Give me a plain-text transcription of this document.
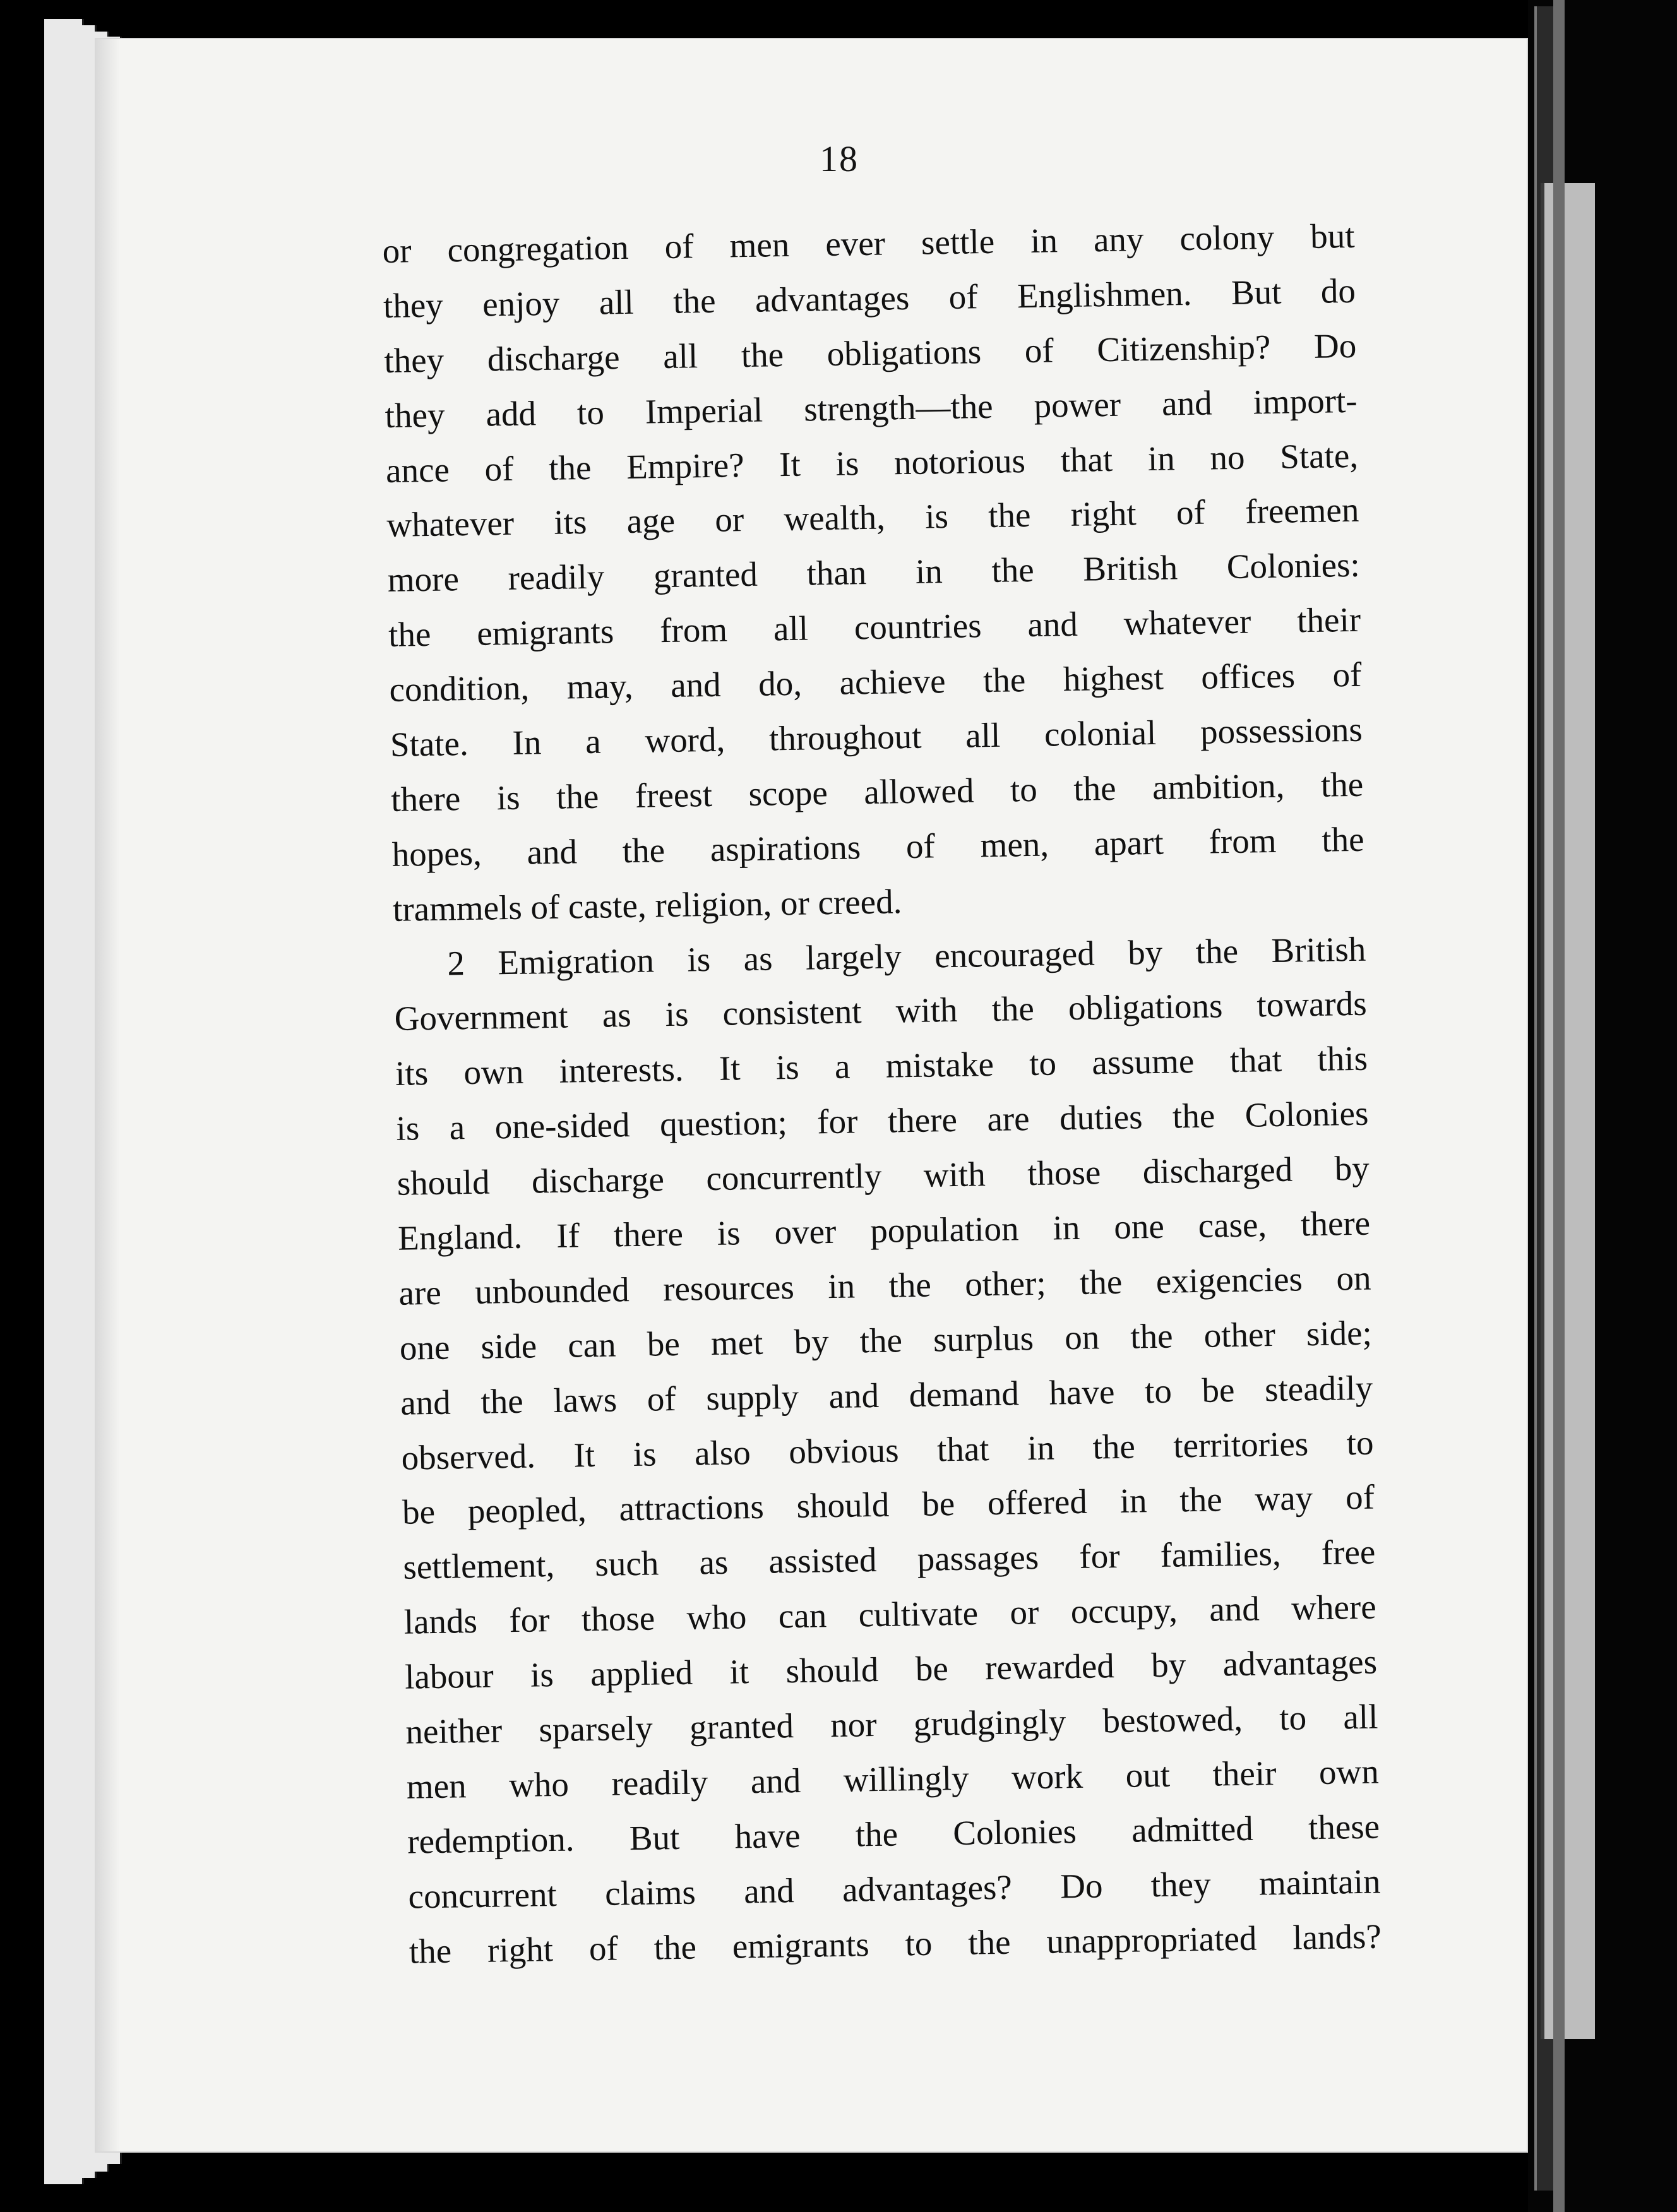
18
or congregation of men ever settle in any colony but
they enjoy all the advantages of Englishmen. But do
they discharge all the obligations of Citizenship? Do
they add to Imperial strength—the power and import-
ance of the Empire? It is notorious that in no State,
whatever its age or wealth, is the right of freemen
more readily granted than in the British Colonies:
the emigrants from all countries and whatever their
condition, may, and do, achieve the highest offices of
State. In a word, throughout all colonial possessions
there is the freest scope allowed to the ambition, the
hopes, and the aspirations of men, apart from the
trammels of caste, religion, or creed.
2 Emigration is as largely encouraged by the British
Government as is consistent with the obligations towards
its own interests. It is a mistake to assume that this
is a one-sided question; for there are duties the Colonies
should discharge concurrently with those discharged by
England. If there is over population in one case, there
are unbounded resources in the other; the exigencies on
one side can be met by the surplus on the other side;
and the laws of supply and demand have to be steadily
observed. It is also obvious that in the territories to
be peopled, attractions should be offered in the way of
settlement, such as assisted passages for families, free
lands for those who can cultivate or occupy, and where
labour is applied it should be rewarded by advantages
neither sparsely granted nor grudgingly bestowed, to all
men who readily and willingly work out their own
redemption. But have the Colonies admitted these
concurrent claims and advantages? Do they maintain
the right of the emigrants to the unappropriated lands?
